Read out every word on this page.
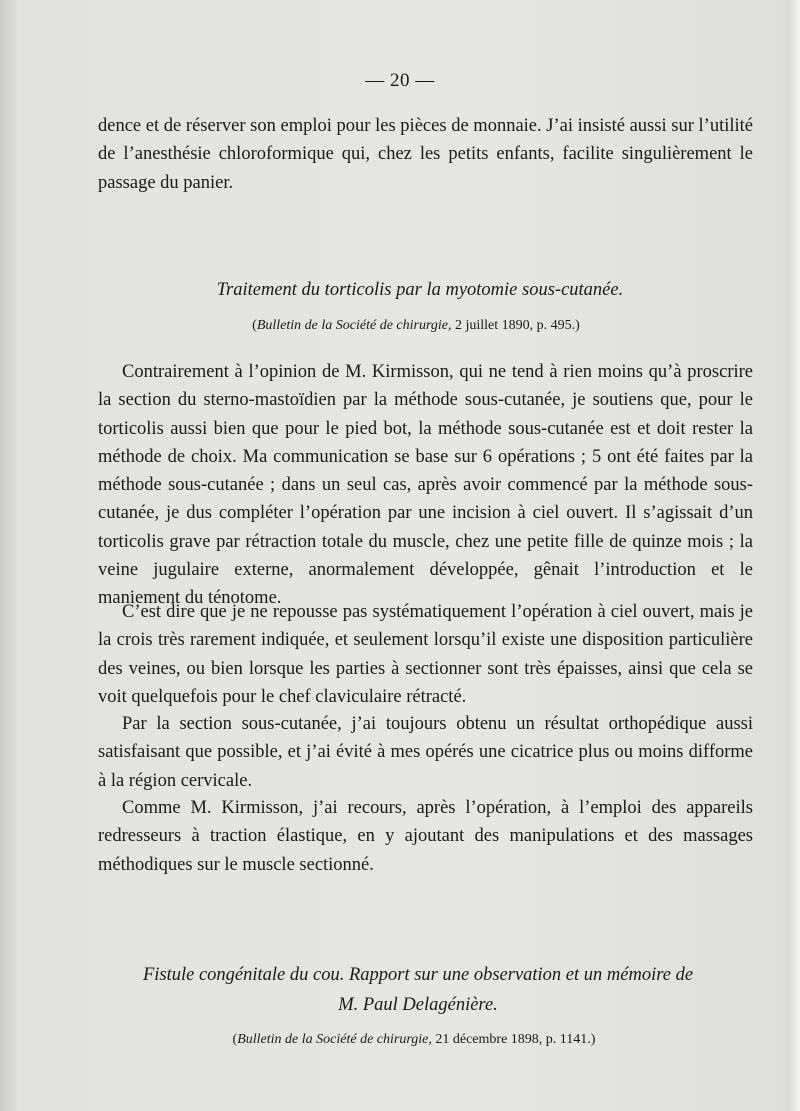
— 20 —

dence et de réserver son emploi pour les pièces de monnaie. J’ai insisté aussi sur l’utilité de l’anesthésie chloroformique qui, chez les petits enfants, facilite singulièrement le passage du panier.

Traitement du torticolis par la myotomie sous-cutanée.

(Bulletin de la Société de chirurgie, 2 juillet 1890, p. 495.)

Contrairement à l’opinion de M. Kirmisson, qui ne tend à rien moins qu’à proscrire la section du sterno-mastoïdien par la méthode sous-cutanée, je soutiens que, pour le torticolis aussi bien que pour le pied bot, la méthode sous-cutanée est et doit rester la méthode de choix. Ma communication se base sur 6 opérations ; 5 ont été faites par la méthode sous-cutanée ; dans un seul cas, après avoir commencé par la méthode sous-cutanée, je dus compléter l’opération par une incision à ciel ouvert. Il s’agissait d’un torticolis grave par rétraction totale du muscle, chez une petite fille de quinze mois ; la veine jugulaire externe, anormalement développée, gênait l’introduction et le maniement du ténotome.

C’est dire que je ne repousse pas systématiquement l’opération à ciel ouvert, mais je la crois très rarement indiquée, et seulement lorsqu’il existe une disposition particulière des veines, ou bien lorsque les parties à sectionner sont très épaisses, ainsi que cela se voit quelquefois pour le chef claviculaire rétracté.

Par la section sous-cutanée, j’ai toujours obtenu un résultat orthopédique aussi satisfaisant que possible, et j’ai évité à mes opérés une cicatrice plus ou moins difforme à la région cervicale.

Comme M. Kirmisson, j’ai recours, après l’opération, à l’emploi des appareils redresseurs à traction élastique, en y ajoutant des manipulations et des massages méthodiques sur le muscle sectionné.

Fistule congénitale du cou. Rapport sur une observation et un mémoire de
M. Paul Delagénière.

(Bulletin de la Société de chirurgie, 21 décembre 1898, p. 1141.)
